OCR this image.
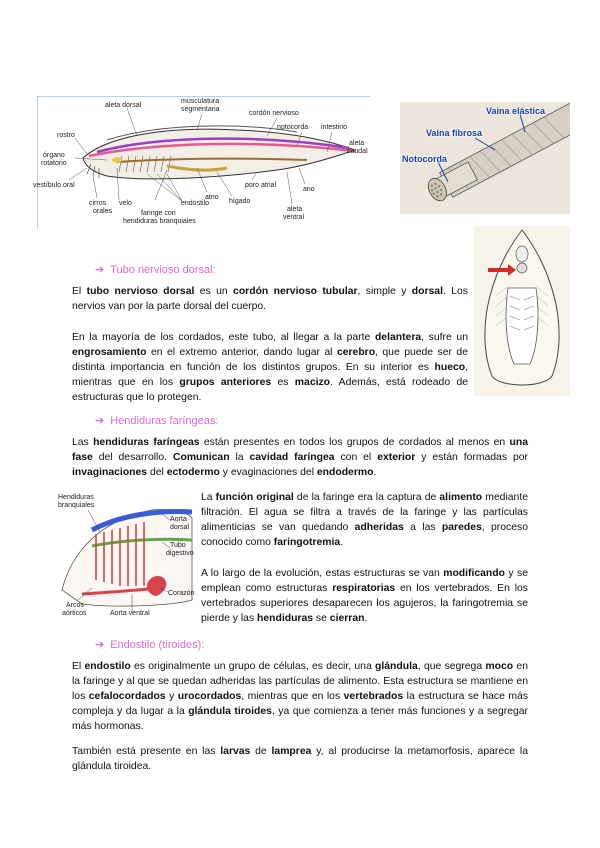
aleta dorsal
musculatura
segmentaria
cordón nervioso
notocorda intestino
aleta
caudal
rostro
órgano
rotatorio
vestíbulo oral
cirros
orales
velo	endostilo
atrio
poro atrial
ano
hígado
faringe con
hendiduras branquiales
aleta
ventral
Vaina elástica
Vaina fibrosa
Notocorda
➔ Tubo nervioso dorsal:

El tubo nervioso dorsal es un cordón nervioso tubular, simple y dorsal. Los nervios van por la parte dorsal del cuerpo.

En la mayoría de los cordados, este tubo, al llegar a la parte delantera, sufre un engrosamiento en el extremo anterior, dando lugar al cerebro, que puede ser de distinta importancia en función de los distintos grupos. En su interior es hueco, mientras que en los grupos anteriores es macizo. Además, está rodeado de estructuras que lo protegen.

➔ Hendiduras faríngeas:

Las hendiduras faríngeas están presentes en todos los grupos de cordados al menos en una fase del desarrollo. Comunican la cavidad faríngea con el exterior y están formadas por invaginaciones del ectodermo y evaginaciones del endodermo.

Hendiduras
branquiales
Aorta
dorsal
Tubo
digestivo
Corazón
Arcos
aórticos	Aorta ventral

La función original de la faringe era la captura de alimento mediante filtración. El agua se filtra a través de la faringe y las partículas alimenticias se van quedando adheridas a las paredes, proceso conocido como faringotremia.

A lo largo de la evolución, estas estructuras se van modificando y se emplean como estructuras respiratorias en los vertebrados. En los vertebrados superiores desaparecen los agujeros, la faringotremia se pierde y las hendiduras se cierran.

➔ Endostilo (tiroides):

El endostilo es originalmente un grupo de células, es decir, una glándula, que segrega moco en la faringe y al que se quedan adheridas las partículas de alimento. Esta estructura se mantiene en los cefalocordados y urocordados, mientras que en los vertebrados la estructura se hace más compleja y da lugar a la glándula tiroides, ya que comienza a tener más funciones y a segregar más hormonas.

También está presente en las larvas de lamprea y, al producirse la metamorfosis, aparece la glándula tiroidea.
